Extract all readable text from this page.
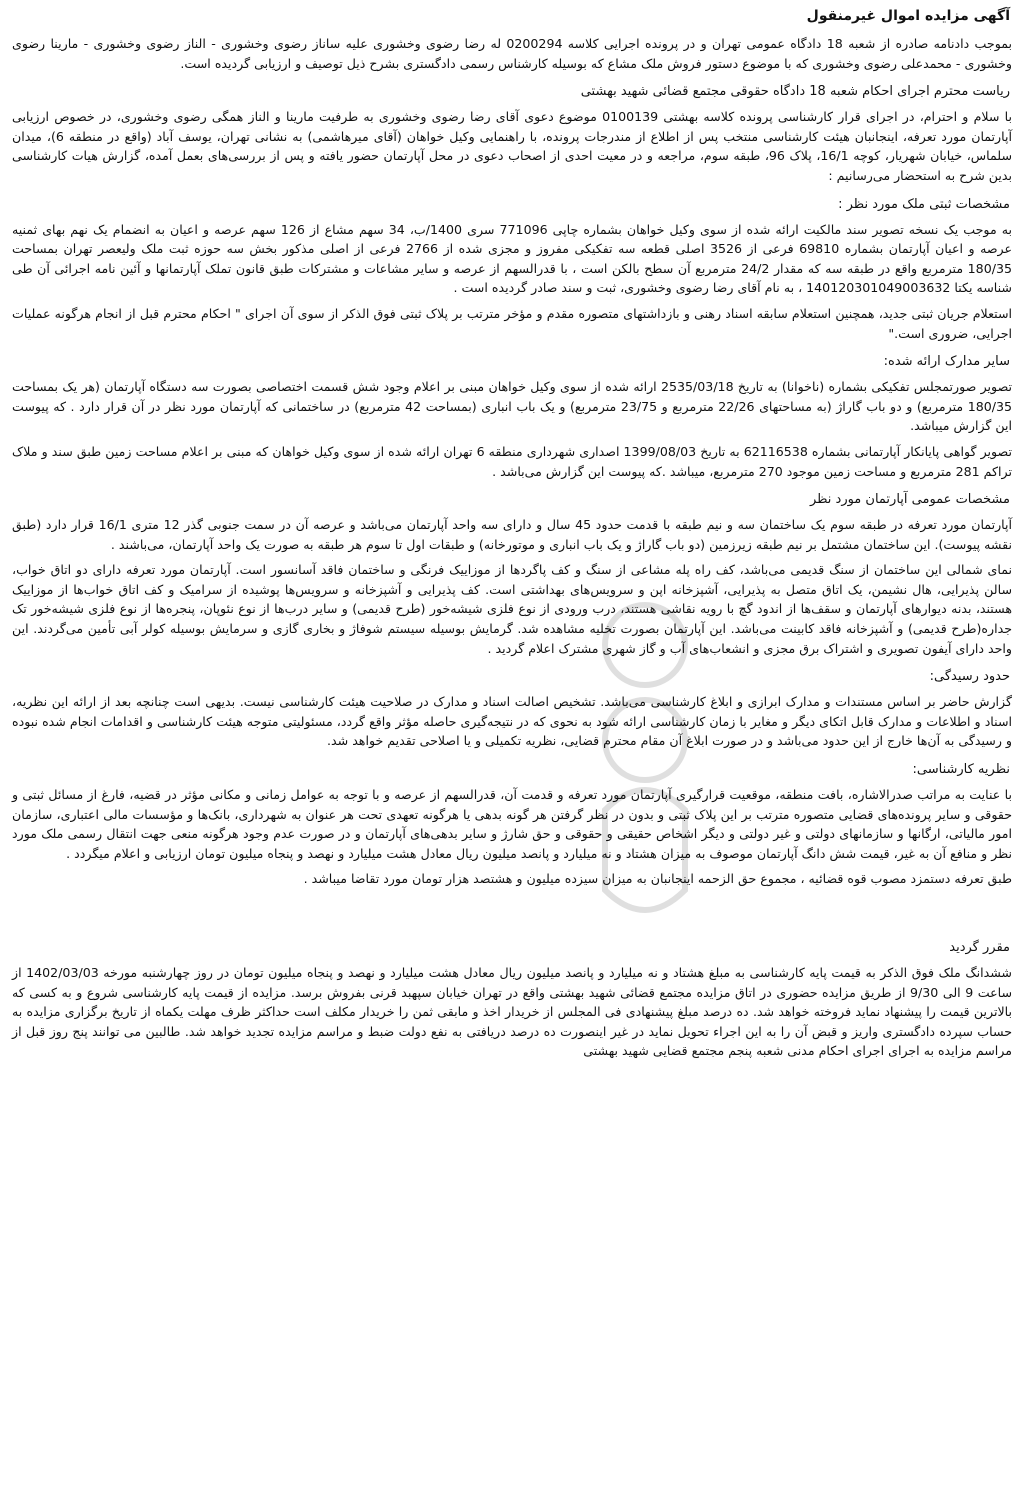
آگهی مزایده اموال غیرمنقول

بموجب دادنامه صادره از شعبه 18 دادگاه عمومی تهران و در پرونده اجرایی کلاسه 0200294 له رضا رضوی وخشوری علیه ساناز رضوی وخشوری - الناز رضوی وخشوری - مارینا رضوی وخشوری - محمدعلی رضوی وخشوری که با موضوع دستور فروش ملک مشاع که بوسیله کارشناس رسمی دادگستری بشرح ذیل توصیف و ارزیابی گردیده است.

ریاست محترم اجرای احکام شعبه 18 دادگاه حقوقی مجتمع قضائی شهید بهشتی

با سلام و احترام، در اجرای قرار کارشناسی پرونده کلاسه بهشتی 0100139 موضوع دعوی آقای رضا رضوی وخشوری به طرفیت مارینا و الناز همگی رضوی وخشوری، در خصوص ارزیابی آپارتمان مورد تعرفه، اینجانبان هیئت کارشناسی منتخب پس از اطلاع از مندرجات پرونده، با راهنمایی وکیل خواهان (آقای میرهاشمی) به نشانی تهران، یوسف آباد (واقع در منطقه 6)، میدان سلماس، خیابان شهریار، کوچه 16/1، پلاک 96، طبقه سوم، مراجعه و در معیت احدی از اصحاب دعوی در محل آپارتمان حضور یافته و پس از بررسی‌های بعمل آمده، گزارش هیات کارشناسی بدین شرح به استحضار می‌رسانیم :

مشخصات ثبتی ملک مورد نظر :

به موجب یک نسخه تصویر سند مالکیت ارائه شده از سوی وکیل خواهان بشماره چاپی 771096 سری 1400/ب، 34 سهم مشاع از 126 سهم عرصه و اعیان به انضمام یک نهم بهای ثمنیه عرصه و اعیان آپارتمان بشماره 69810 فرعی از 3526 اصلی قطعه سه تفکیکی مفروز و مجزی شده از 2766 فرعی از اصلی مذکور بخش سه حوزه ثبت ملک ولیعصر تهران بمساحت 180/35 مترمربع واقع در طبقه سه که مقدار 24/2 مترمربع آن سطح بالکن است ، با قدرالسهم از عرصه و سایر مشاعات و مشترکات طبق قانون تملک آپارتمانها و آئین نامه اجرائی آن طی شناسه یکتا 140120301049003632 ، به نام آقای رضا رضوی وخشوری، ثبت و سند صادر گردیده است .

استعلام جریان ثبتی جدید، همچنین استعلام سابقه اسناد رهنی و بازداشتهای متصوره مقدم و مؤخر مترتب بر پلاک ثبتی فوق الذکر از سوی آن اجرای " احکام محترم قبل از انجام هرگونه عملیات اجرایی، ضروری است."

سایر مدارک ارائه شده:

تصویر صورتمجلس تفکیکی بشماره (ناخوانا) به تاریخ 2535/03/18 ارائه شده از سوی وکیل خواهان مبنی بر اعلام وجود شش قسمت اختصاصی بصورت سه دستگاه آپارتمان (هر یک بمساحت 180/35 مترمربع) و دو باب گاراژ (به مساحتهای 22/26 مترمربع و 23/75 مترمربع) و یک باب انباری (بمساحت 42 مترمربع) در ساختمانی که آپارتمان مورد نظر در آن قرار دارد . که پیوست این گزارش میباشد.

تصویر گواهی پایانکار آپارتمانی بشماره 62116538 به تاریخ 1399/08/03 اصداری شهرداری منطقه 6 تهران ارائه شده از سوی وکیل خواهان که مبنی بر اعلام مساحت زمین طبق سند و ملاک تراکم 281 مترمربع و مساحت زمین موجود 270 مترمربع، میباشد .که پیوست این گزارش می‌باشد .

مشخصات عمومی آپارتمان مورد نظر

آپارتمان مورد تعرفه در طبقه سوم یک ساختمان سه و نیم طبقه با قدمت حدود 45 سال و دارای سه واحد آپارتمان می‌باشد و عرصه آن در سمت جنوبی گذر 12 متری 16/1 قرار دارد (طبق نقشه پیوست). این ساختمان مشتمل بر نیم طبقه زیرزمین (دو باب گاراژ و یک باب انباری و موتورخانه) و طبقات اول تا سوم هر طبقه به صورت یک واحد آپارتمان، می‌باشند .

نمای شمالی این ساختمان از سنگ قدیمی می‌باشد، کف راه پله مشاعی از سنگ و کف پاگردها از موزاییک فرنگی و ساختمان فاقد آسانسور است. آپارتمان مورد تعرفه دارای دو اتاق خواب، سالن پذیرایی، هال نشیمن، یک اتاق متصل به پذیرایی، آشپزخانه اپن و سرویس‌های بهداشتی است. کف پذیرایی و آشپزخانه و سرویس‌ها پوشیده از سرامیک و کف اتاق خواب‌ها از موزاییک هستند، بدنه دیوارهای آپارتمان و سقف‌ها از اندود گچ با رویه نقاشی هستند، درب ورودی از نوع فلزی شیشه‌خور (طرح قدیمی) و سایر درب‌ها از نوع نئوپان، پنجره‌ها از نوع فلزی شیشه‌خور تک جداره(طرح قدیمی) و آشپزخانه فاقد کابینت می‌باشد. این آپارتمان بصورت تخلیه مشاهده شد. گرمایش بوسیله سیستم شوفاژ و بخاری گازی و سرمایش بوسیله کولر آبی تأمین می‌گردند. این واحد دارای آیفون تصویری و اشتراک برق مجزی و انشعاب‌های آب و گاز شهری مشترک اعلام گردید .

حدود رسیدگی:

گزارش حاضر بر اساس مستندات و مدارک ابرازی و ابلاغ کارشناسی می‌باشد. تشخیص اصالت اسناد و مدارک در صلاحیت هیئت کارشناسی نیست. بدیهی است چنانچه بعد از ارائه این نظریه، اسناد و اطلاعات و مدارک قابل اتکای دیگر و مغایر با زمان کارشناسی ارائه شود به نحوی که در نتیجه‌گیری حاصله مؤثر واقع گردد، مسئولیتی متوجه هیئت کارشناسی و اقدامات انجام شده نبوده و رسیدگی به آن‌ها خارج از این حدود می‌باشد و در صورت ابلاغ آن مقام محترم قضایی، نظریه تکمیلی و یا اصلاحی تقدیم خواهد شد.

نظریه کارشناسی:

با عنایت به مراتب صدرالاشاره، بافت منطقه، موقعیت قرارگیری آپارتمان مورد تعرفه و قدمت آن، قدرالسهم از عرصه و با توجه به عوامل زمانی و مکانی مؤثر در قضیه، فارغ از مسائل ثبتی و حقوقی و سایر پرونده‌های قضایی متصوره مترتب بر این پلاک ثبتی و بدون در نظر گرفتن هر گونه بدهی یا هرگونه تعهدی تحت هر عنوان به شهرداری، بانک‌ها و مؤسسات مالی اعتباری، سازمان امور مالیاتی، ارگانها و سازمانهای دولتی و غیر دولتی و دیگر اشخاص حقیقی و حقوقی و حق شارژ و سایر بدهی‌های آپارتمان و در صورت عدم وجود هرگونه منعی جهت انتقال رسمی ملک مورد نظر و منافع آن به غیر، قیمت شش دانگ آپارتمان موصوف به میزان هشتاد و نه میلیارد و پانصد میلیون ریال معادل هشت میلیارد و نهصد و پنجاه میلیون تومان ارزیابی و اعلام میگردد .

طبق تعرفه دستمزد مصوب قوه قضائیه ، مجموع حق الزحمه اینجانبان به میزان سیزده میلیون و هشتصد هزار تومان مورد تقاضا میباشد .

مقرر گردید

ششدانگ ملک فوق الذکر به قیمت پایه کارشناسی به مبلغ هشتاد و نه میلیارد و پانصد میلیون ریال معادل هشت میلیارد و نهصد و پنجاه میلیون تومان در روز چهارشنبه مورخه 1402/03/03 از ساعت 9 الی 9/30 از طریق مزایده حضوری در اتاق مزایده مجتمع قضائی شهید بهشتی واقع در تهران خیابان سپهبد قرنی بفروش برسد. مزایده از قیمت پایه کارشناسی شروع و به کسی که بالاترین قیمت را پیشنهاد نماید فروخته خواهد شد. ده درصد مبلغ پیشنهادی فی المجلس از خریدار اخذ و مابقی ثمن را خریدار مکلف است حداکثر ظرف مهلت یکماه از تاریخ برگزاری مزایده به حساب سپرده دادگستری واریز و قبض آن را به این اجراء تحویل نماید در غیر اینصورت ده درصد دریافتی به نفع دولت ضبط و مراسم مزایده تجدید خواهد شد. طالبین می توانند پنج روز قبل از مراسم مزایده به اجرای اجرای احکام مدنی شعبه پنجم مجتمع قضایی شهید بهشتی
